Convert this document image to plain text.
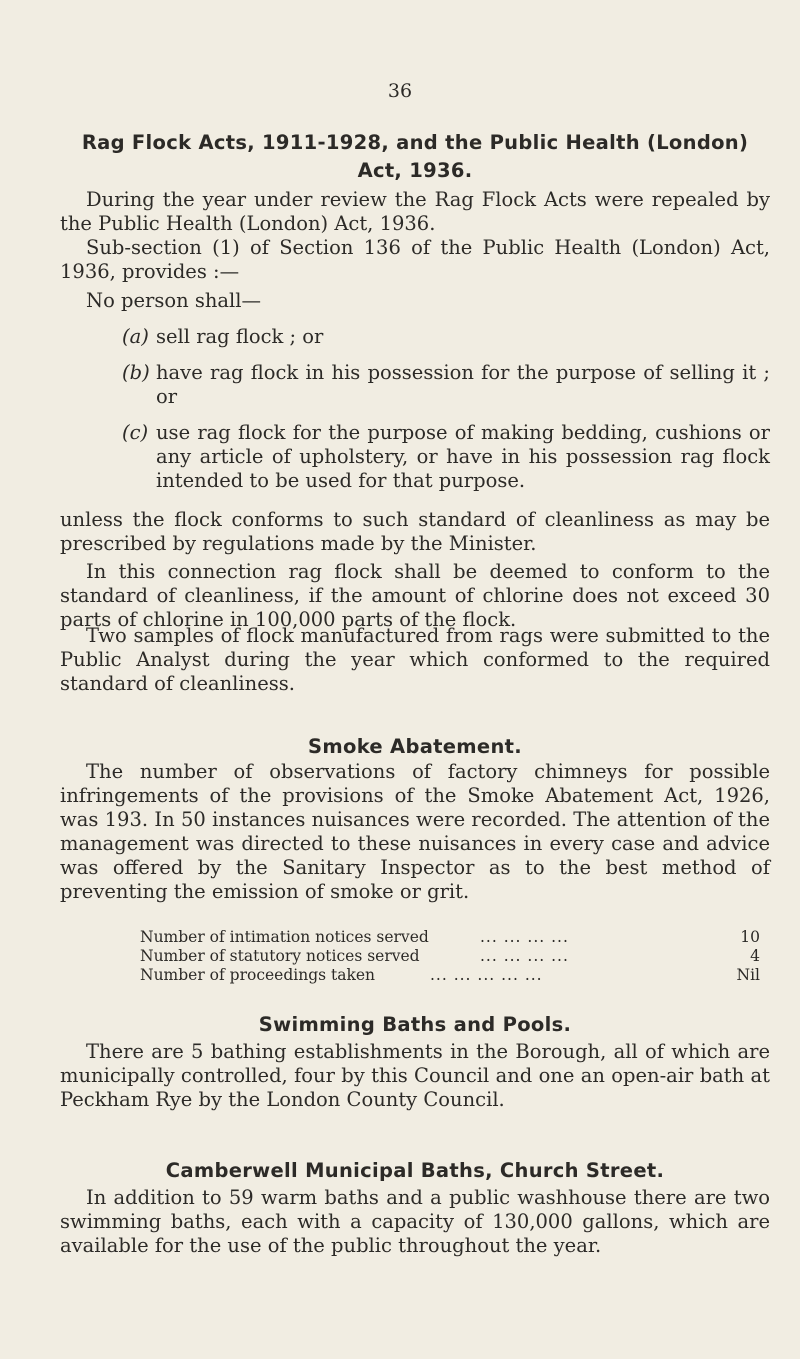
36
Rag Flock Acts, 1911-1928, and the Public Health (London)
Act, 1936.

During the year under review the Rag Flock Acts were repealed by the Public Health (London) Act, 1936.

Sub-section (1) of Section 136 of the Public Health (London) Act, 1936, provides :—

No person shall—
(a) sell rag flock ; or
(b) have rag flock in his possession for the purpose of selling it ; or
(c) use rag flock for the purpose of making bedding, cushions or any article of upholstery, or have in his possession rag flock intended to be used for that purpose.

unless the flock conforms to such standard of cleanliness as may be prescribed by regulations made by the Minister.

In this connection rag flock shall be deemed to conform to the standard of cleanliness, if the amount of chlorine does not exceed 30 parts of chlorine in 100,000 parts of the flock.

Two samples of flock manufactured from rags were submitted to the Public Analyst during the year which conformed to the required standard of cleanliness.

Smoke Abatement.

The number of observations of factory chimneys for possible infringements of the provisions of the Smoke Abatement Act, 1926, was 193. In 50 instances nuisances were recorded. The attention of the management was directed to these nuisances in every case and advice was offered by the Sanitary Inspector as to the best method of preventing the emission of smoke or grit.

Number of intimation notices served	... ... ... ...	10
Number of statutory notices served	... ... ... ...	4
Number of proceedings taken	... ... ... ... ...	Nil
Swimming Baths and Pools.

There are 5 bathing establishments in the Borough, all of which are municipally controlled, four by this Council and one an open-air bath at Peckham Rye by the London County Council.

Camberwell Municipal Baths, Church Street.

In addition to 59 warm baths and a public washhouse there are two swimming baths, each with a capacity of 130,000 gallons, which are available for the use of the public throughout the year.
